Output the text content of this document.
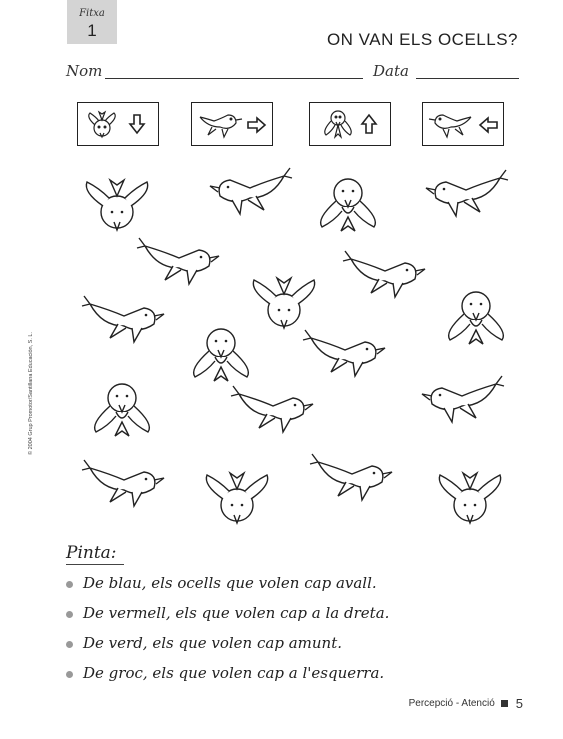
Fitxa
1	ON VAN ELS OCELLS?
Nom	Data
© 2004 Grup Promotor/Santillana Educación, S. L.
Pinta:
De blau, els ocells que volen cap avall.
De vermell, els que volen cap a la dreta.
De verd, els que volen cap amunt.
De groc, els que volen cap a l'esquerra.
Percepció - Atenció 5
